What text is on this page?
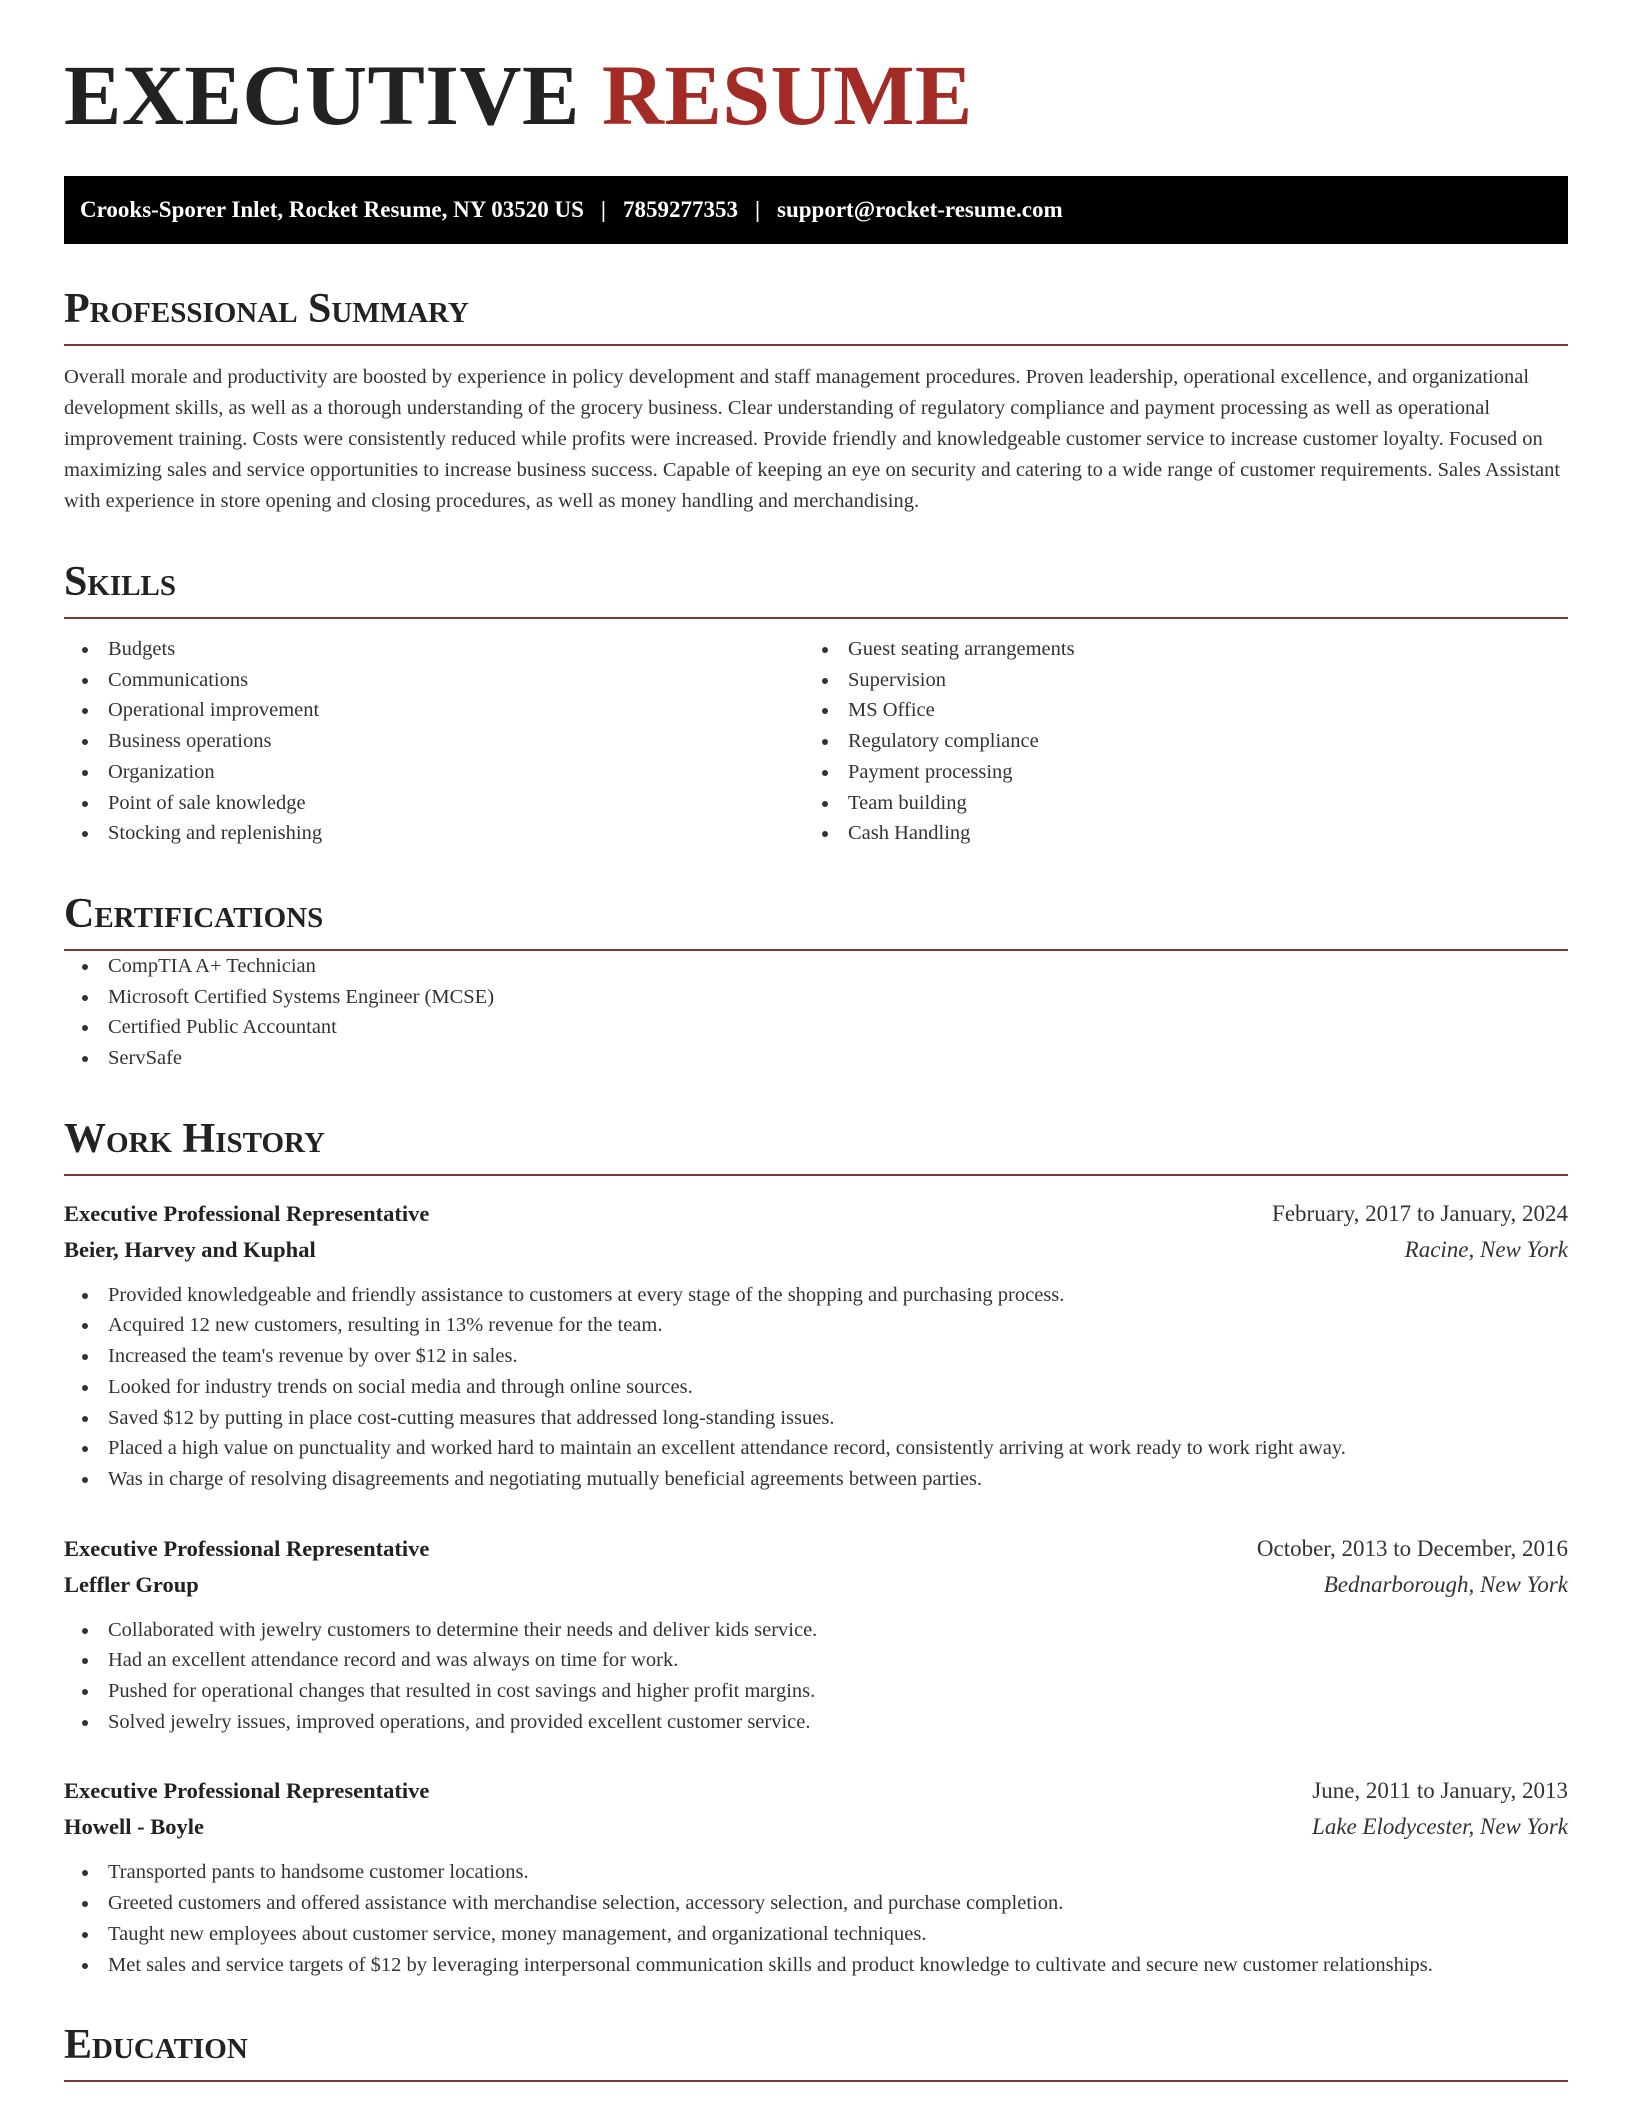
EXECUTIVE RESUME
Crooks-Sporer Inlet, Rocket Resume, NY 03520 US | 7859277353 | support@rocket-resume.com
Professional Summary

Overall morale and productivity are boosted by experience in policy development and staff management procedures. Proven leadership, operational excellence, and organizational development skills, as well as a thorough understanding of the grocery business. Clear understanding of regulatory compliance and payment processing as well as operational improvement training. Costs were consistently reduced while profits were increased. Provide friendly and knowledgeable customer service to increase customer loyalty. Focused on maximizing sales and service opportunities to increase business success. Capable of keeping an eye on security and catering to a wide range of customer requirements. Sales Assistant with experience in store opening and closing procedures, as well as money handling and merchandising.

Skills
Budgets
Communications
Operational improvement
Business operations
Organization
Point of sale knowledge
Stocking and replenishing
Guest seating arrangements
Supervision
MS Office
Regulatory compliance
Payment processing
Team building
Cash Handling
Certifications
CompTIA A+ Technician
Microsoft Certified Systems Engineer (MCSE)
Certified Public Accountant
ServSafe
Work History
Executive Professional Representative	February, 2017 to January, 2024
Beier, Harvey and Kuphal	Racine, New York
Provided knowledgeable and friendly assistance to customers at every stage of the shopping and purchasing process.
Acquired 12 new customers, resulting in 13% revenue for the team.
Increased the team's revenue by over $12 in sales.
Looked for industry trends on social media and through online sources.
Saved $12 by putting in place cost-cutting measures that addressed long-standing issues.
Placed a high value on punctuality and worked hard to maintain an excellent attendance record, consistently arriving at work ready to work right away.
Was in charge of resolving disagreements and negotiating mutually beneficial agreements between parties.
Executive Professional Representative	October, 2013 to December, 2016
Leffler Group	Bednarborough, New York
Collaborated with jewelry customers to determine their needs and deliver kids service.
Had an excellent attendance record and was always on time for work.
Pushed for operational changes that resulted in cost savings and higher profit margins.
Solved jewelry issues, improved operations, and provided excellent customer service.
Executive Professional Representative	June, 2011 to January, 2013
Howell - Boyle	Lake Elodycester, New York
Transported pants to handsome customer locations.
Greeted customers and offered assistance with merchandise selection, accessory selection, and purchase completion.
Taught new employees about customer service, money management, and organizational techniques.
Met sales and service targets of $12 by leveraging interpersonal communication skills and product knowledge to cultivate and secure new customer relationships.
Education
